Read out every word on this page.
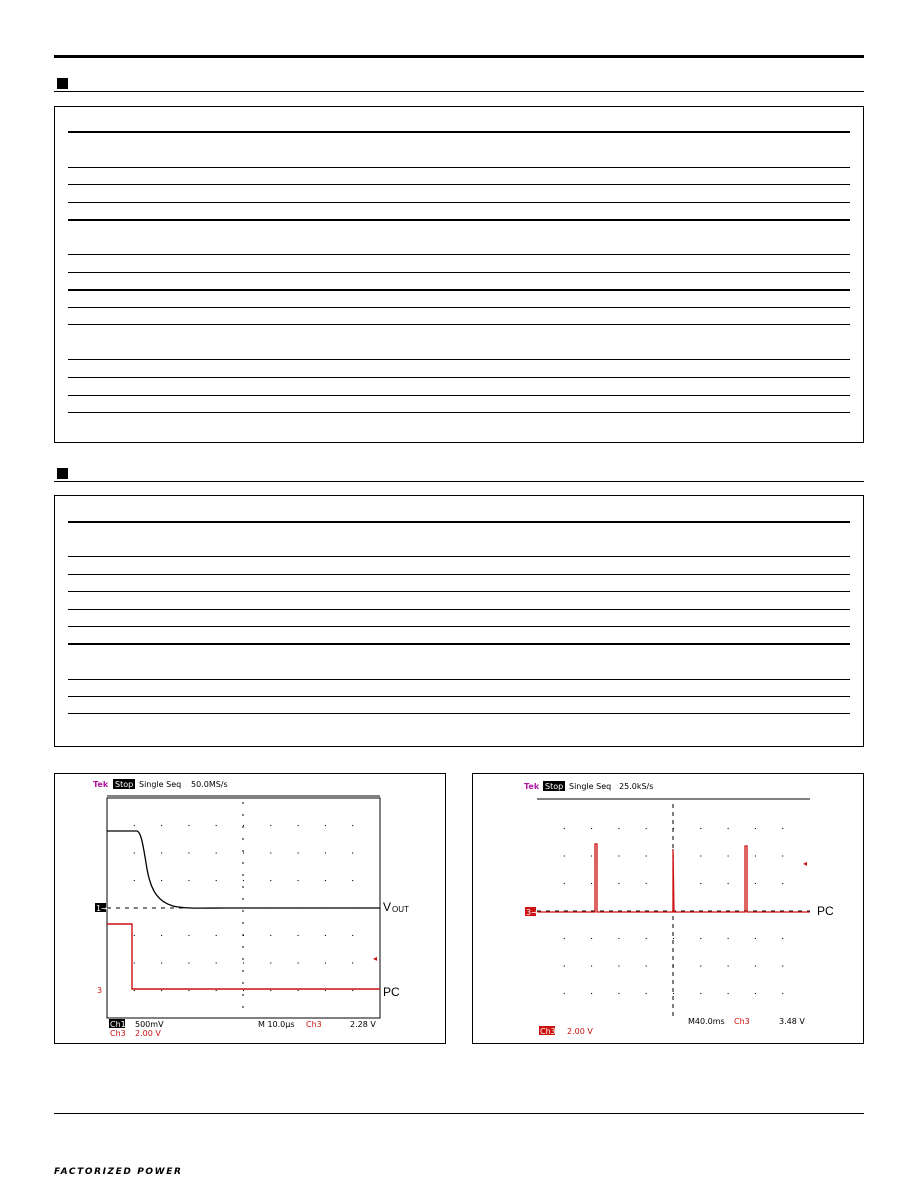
Tek Stop Single Seq 50.0MS/s
◂
1→
3
V OUT
PC
Ch1 500mV
Ch3 2.00 V
M 10.0µs Ch3	2.28 V
Tek Stop Single Seq 25.0kS/s
◂
3→	PC
Ch3 2.00 V
M40.0ms Ch3	3.48 V
FACTORIZED POWER
